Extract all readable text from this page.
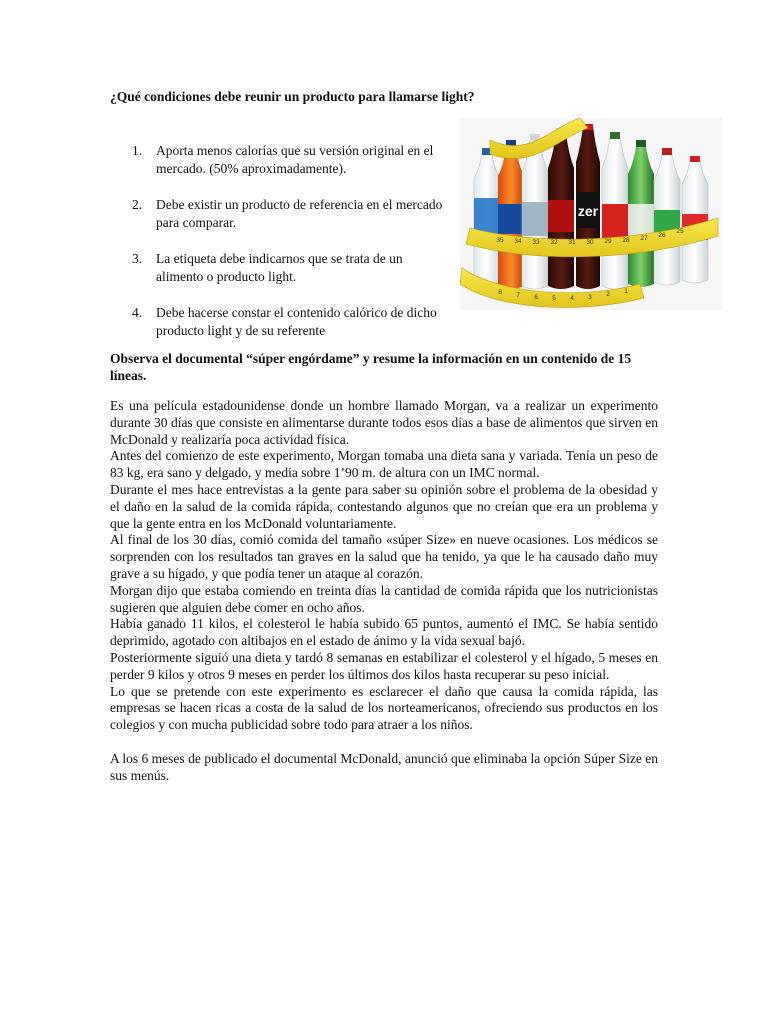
¿Qué condiciones debe reunir un producto para llamarse light?
1. Aporta menos calorías que su versión original en el mercado. (50% aproximadamente).
2. Debe existir un producto de referencia en el mercado para comparar.
3. La etiqueta debe indicarnos que se trata de un alimento o producto light.
4. Debe hacerse constar el contenido calórico de dicho producto light y de su referente
zer
35 34 33 32 31 30 29 28 27 26
25
8 7 6 5 4 3 2 1
Observa el documental “súper engórdame” y resume la información en un contenido de 15 líneas.

Es una película estadounidense donde un hombre llamado Morgan, va a realizar un experimento durante 30 días que consiste en alimentarse durante todos esos días a base de alimentos que sirven en McDonald y realizaría poca actividad física.

Antes del comienzo de este experimento, Morgan tomaba una dieta sana y variada. Tenía un peso de 83 kg, era sano y delgado, y media sobre 1’90 m. de altura con un IMC normal.

Durante el mes hace entrevistas a la gente para saber su opinión sobre el problema de la obesidad y el daño en la salud de la comida rápida, contestando algunos que no creían que era un problema y que la gente entra en los McDonald voluntariamente.

Al final de los 30 días, comió comida del tamaño «súper Size» en nueve ocasiones. Los médicos se sorprenden con los resultados tan graves en la salud que ha tenido, ya que le ha causado daño muy grave a su hígado, y que podía tener un ataque al corazón.

Morgan dijo que estaba comiendo en treinta días la cantidad de comida rápida que los nutricionistas sugieren que alguien debe comer en ocho años.

Había ganado 11 kilos, el colesterol le había subido 65 puntos, aumentó el IMC. Se había sentido deprimido, agotado con altibajos en el estado de ánimo y la vida sexual bajó.

Posteriormente siguió una dieta y tardó 8 semanas en estabilizar el colesterol y el hígado, 5 meses en perder 9 kilos y otros 9 meses en perder los últimos dos kilos hasta recuperar su peso inicial.

Lo que se pretende con este experimento es esclarecer el daño que causa la comida rápida, las empresas se hacen ricas a costa de la salud de los norteamericanos, ofreciendo sus productos en los colegios y con mucha publicidad sobre todo para atraer a los niños.

A los 6 meses de publicado el documental McDonald, anunció que eliminaba la opción Súper Size en sus menús.
